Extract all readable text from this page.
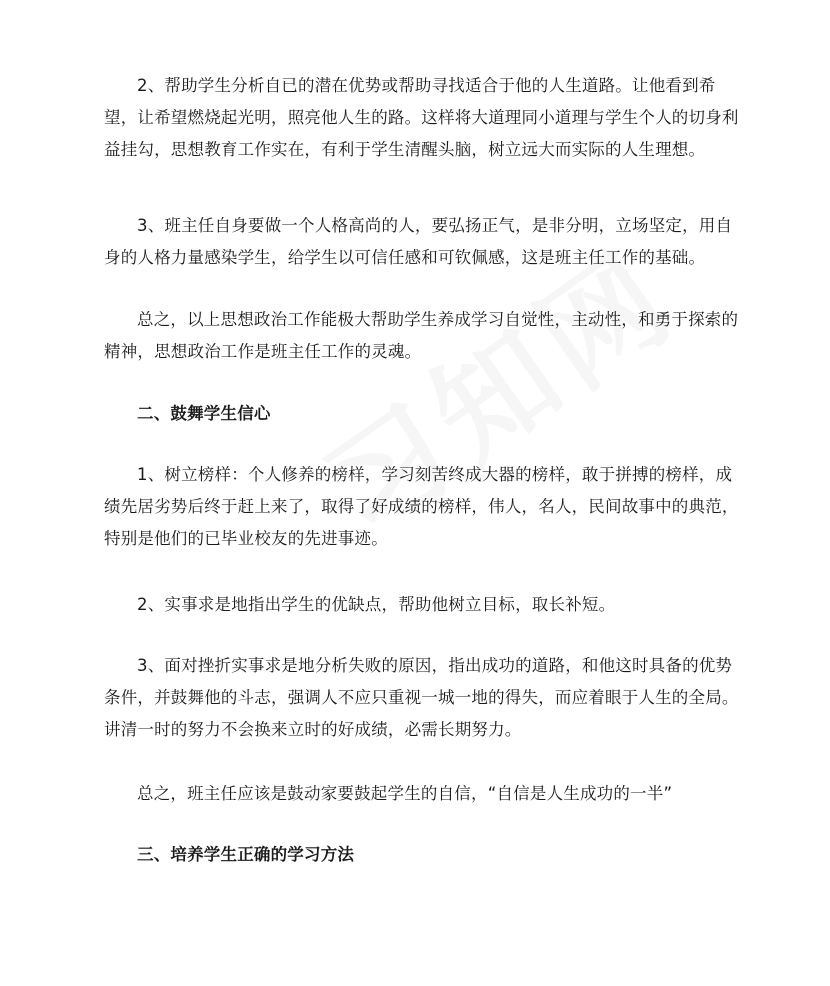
2、帮助学生分析自已的潜在优势或帮助寻找适合于他的人生道路。让他看到希望，让希望燃烧起光明，照亮他人生的路。这样将大道理同小道理与学生个人的切身利益挂勾，思想教育工作实在，有利于学生清醒头脑，树立远大而实际的人生理想。

3、班主任自身要做一个人格高尚的人，要弘扬正气，是非分明，立场坚定，用自身的人格力量感染学生，给学生以可信任感和可钦佩感，这是班主任工作的基础。

总之，以上思想政治工作能极大帮助学生养成学习自觉性，主动性，和勇于探索的精神，思想政治工作是班主任工作的灵魂。

二、鼓舞学生信心

1、树立榜样：个人修养的榜样，学习刻苦终成大器的榜样，敢于拼搏的榜样，成绩先居劣势后终于赶上来了，取得了好成绩的榜样，伟人，名人，民间故事中的典范，特别是他们的已毕业校友的先进事迹。

2、实事求是地指出学生的优缺点，帮助他树立目标，取长补短。

3、面对挫折实事求是地分析失败的原因，指出成功的道路，和他这时具备的优势条件，并鼓舞他的斗志，强调人不应只重视一城一地的得失，而应着眼于人生的全局。讲清一时的努力不会换来立时的好成绩，必需长期努力。

总之，班主任应该是鼓动家要鼓起学生的自信，“自信是人生成功的一半”

三、培养学生正确的学习方法
